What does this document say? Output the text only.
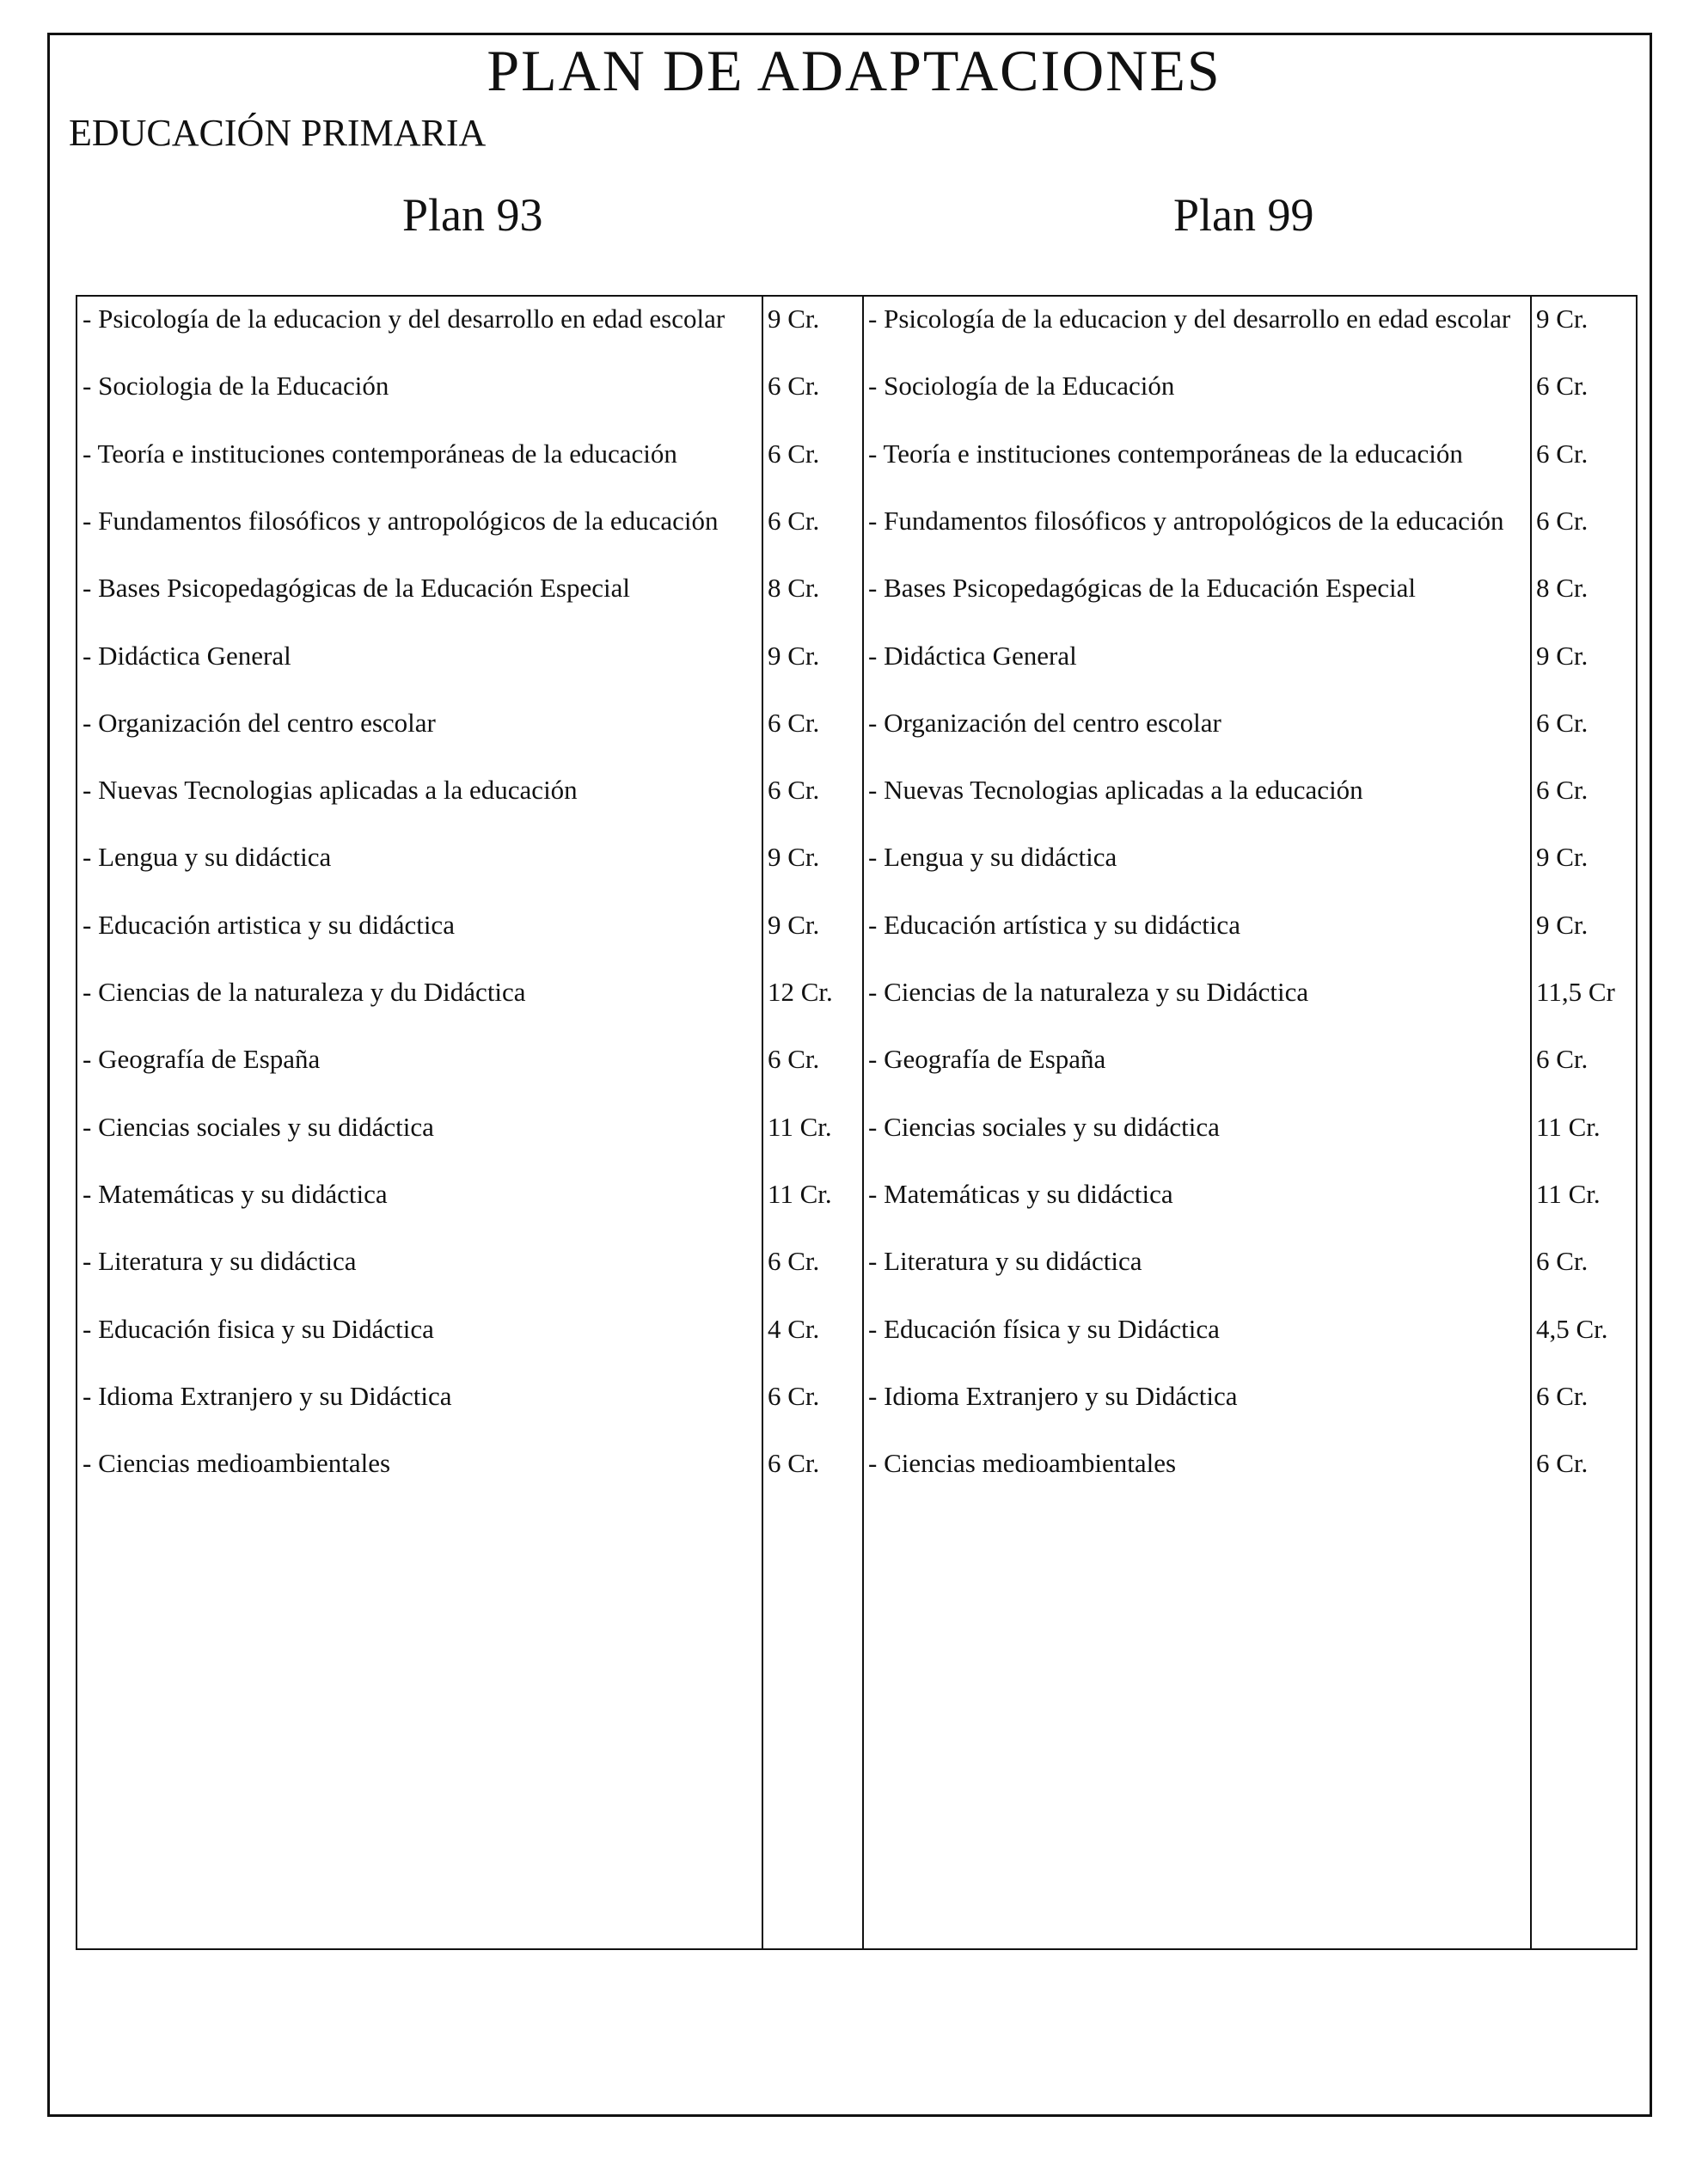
PLAN DE ADAPTACIONES
EDUCACIÓN PRIMARIA
Plan 93	Plan 99
- Psicología de la educacion y del desarrollo en edad escolar	9 Cr.	- Psicología de la educacion y del desarrollo en edad escolar 9 Cr.
- Sociologia de la Educación	6 Cr.	- Sociología de la Educación	6 Cr.
- Teoría e instituciones contemporáneas de la educación	6 Cr.	- Teoría e instituciones contemporáneas de la educación	6 Cr.
- Fundamentos filosóficos y antropológicos de la educación	6 Cr.	- Fundamentos filosóficos y antropológicos de la educación	6 Cr.
- Bases Psicopedagógicas de la Educación Especial	8 Cr.	- Bases Psicopedagógicas de la Educación Especial	8 Cr.
- Didáctica General	9 Cr.	- Didáctica General	9 Cr.
- Organización del centro escolar	6 Cr.	- Organización del centro escolar	6 Cr.
- Nuevas Tecnologias aplicadas a la educación	6 Cr.	- Nuevas Tecnologias aplicadas a la educación	6 Cr.
- Lengua y su didáctica	9 Cr.	- Lengua y su didáctica	9 Cr.
- Educación artistica y su didáctica	9 Cr.	- Educación artística y su didáctica	9 Cr.
- Ciencias de la naturaleza y du Didáctica	12 Cr.	- Ciencias de la naturaleza y su Didáctica	11,5 Cr
- Geografía de España	6 Cr.	- Geografía de España	6 Cr.
- Ciencias sociales y su didáctica	11 Cr.	- Ciencias sociales y su didáctica	11 Cr.
- Matemáticas y su didáctica	11 Cr.	- Matemáticas y su didáctica	11 Cr.
- Literatura y su didáctica	6 Cr.	- Literatura y su didáctica	6 Cr.
- Educación fisica y su Didáctica	4 Cr.	- Educación física y su Didáctica	4,5 Cr.
- Idioma Extranjero y su Didáctica	6 Cr.	- Idioma Extranjero y su Didáctica	6 Cr.
- Ciencias medioambientales	6 Cr.	- Ciencias medioambientales	6 Cr.
